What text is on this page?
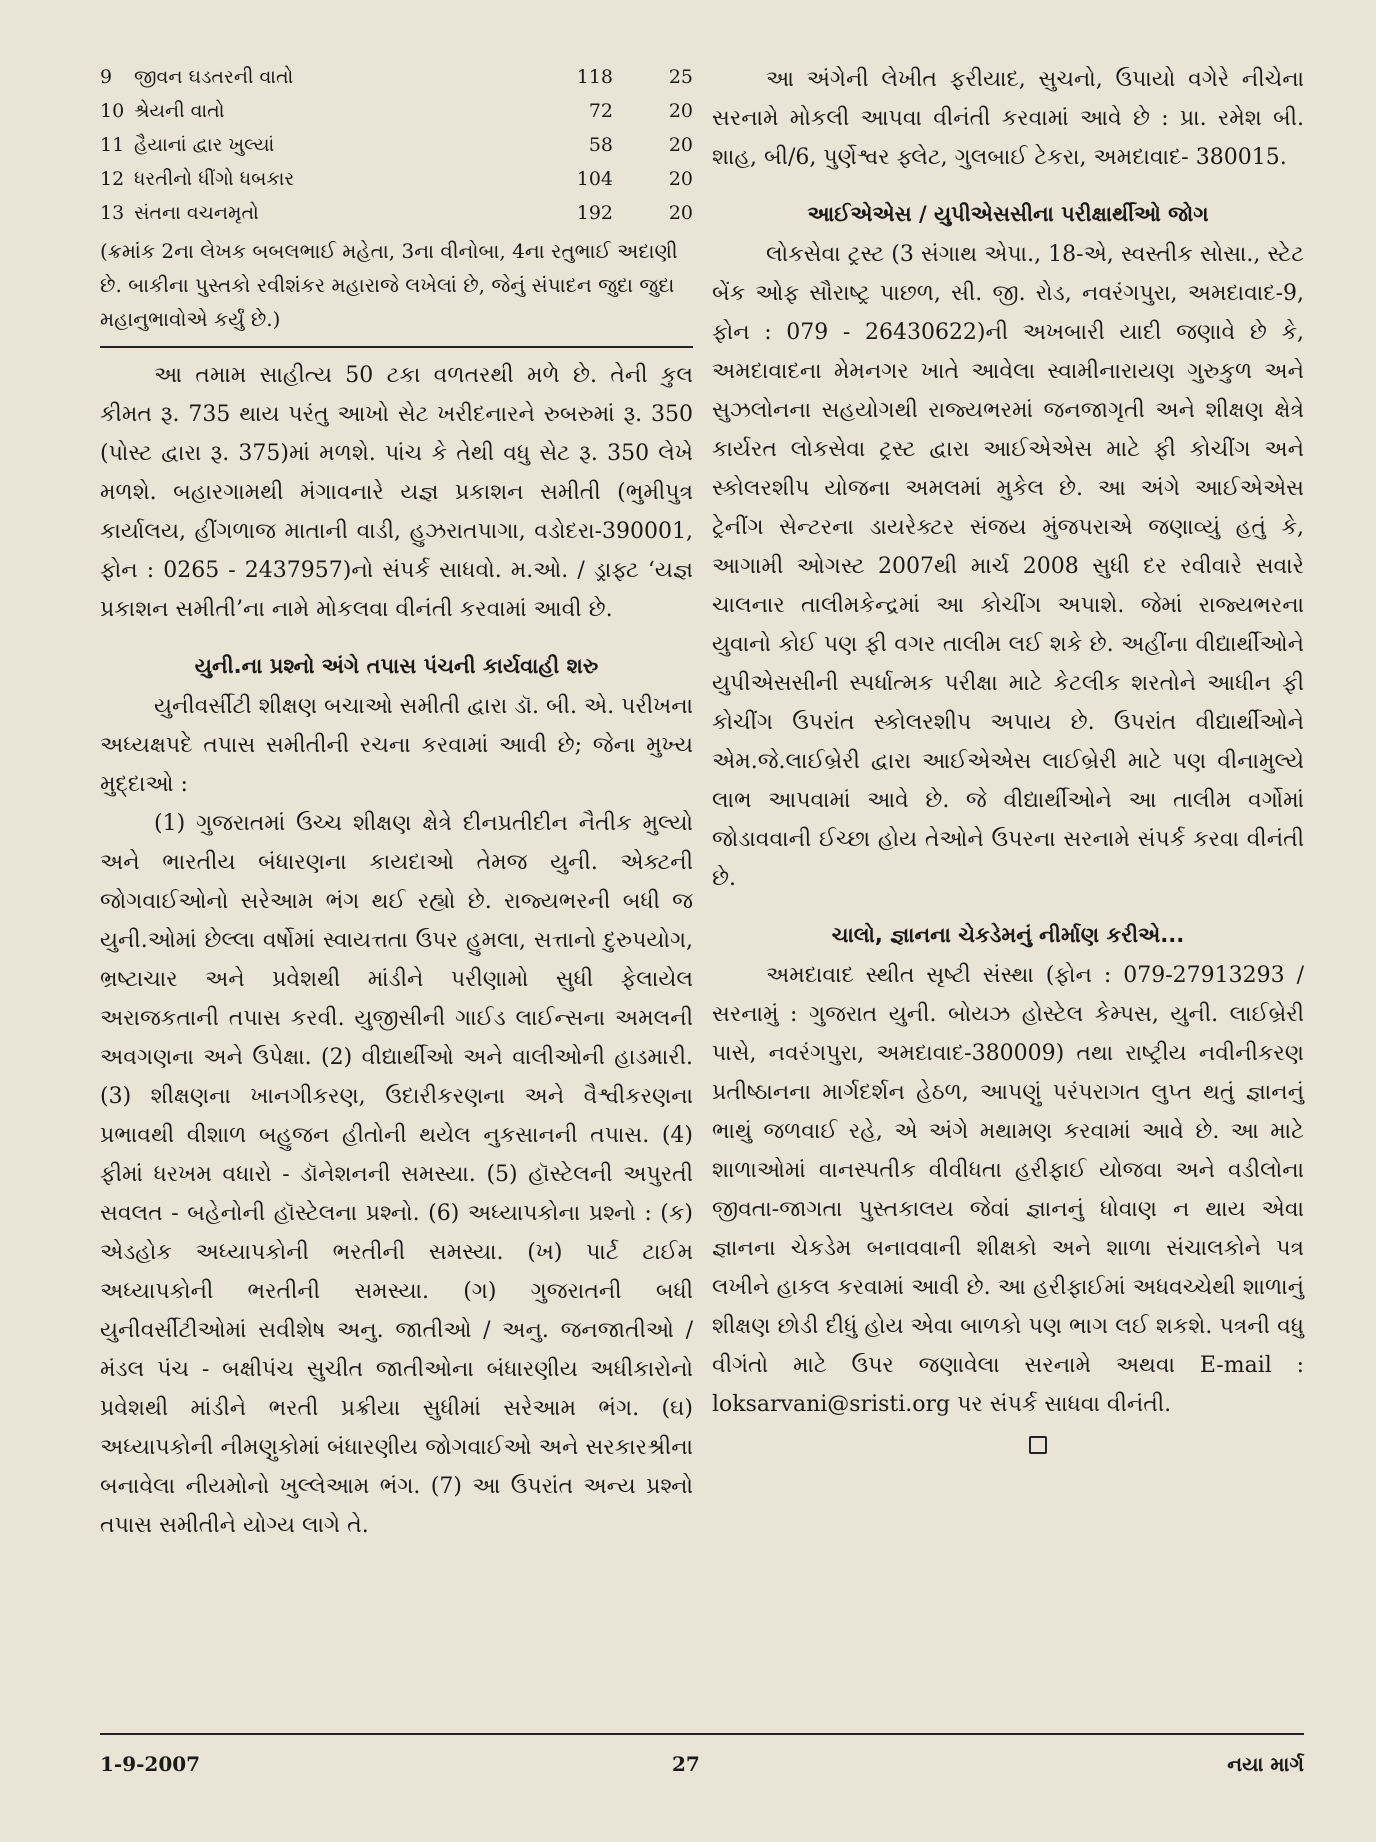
9	જીવન ઘડતરની વાતો	118	25
10	શ્રેયની વાતો	72	20
11	હૈયાનાં દ્વાર ખુલ્યાં	58	20
12	ધરતીનો ધીંગો ધબકાર	104	20
13	સંતના વચનમૃતો	192	20
(ક્રમાંક 2ના લેખક બબલભાઈ મહેતા, 3ના વીનોબા, 4ના રતુભાઈ અદાણી છે. બાકીના પુસ્તકો રવીશંકર મહારાજે લખેલાં છે, જેનું સંપાદન જુદા જુદા મહાનુભાવોએ કર્યું છે.)

આ તમામ સાહીત્ય 50 ટકા વળતરથી મળે છે. તેની કુલ કીમત રૂ. 735 થાય પરંતુ આખો સેટ ખરીદનારને રુબરુમાં રૂ. 350 (પોસ્ટ દ્વારા રૂ. 375)માં મળશે. પાંચ કે તેથી વધુ સેટ રૂ. 350 લેખે મળશે. બહારગામથી મંગાવનારે યજ્ઞ પ્રકાશન સમીતી (ભુમીપુત્ર કાર્યાલય, હીંગળાજ માતાની વાડી, હુઝરાતપાગા, વડોદરા-390001, ફોન : 0265 - 2437957)નો સંપર્ક સાધવો. મ.ઓ. / ડ્રાફ્ટ ‘યજ્ઞ પ્રકાશન સમીતી’ના નામે મોકલવા વીનંતી કરવામાં આવી છે.

યુની.ના પ્રશ્નો અંગે તપાસ પંચની કાર્યવાહી શરુ

યુનીવર્સીટી શીક્ષણ બચાઓ સમીતી દ્વારા ડૉ. બી. એ. પરીખના અધ્યક્ષપદે તપાસ સમીતીની રચના કરવામાં આવી છે; જેના મુખ્ય મુદ્દાઓ :

(1) ગુજરાતમાં ઉચ્ચ શીક્ષણ ક્ષેત્રે દીનપ્રતીદીન નૈતીક મુલ્યો અને ભારતીય બંધારણના કાયદાઓ તેમજ યુની. એક્ટની જોગવાઈઓનો સરેઆમ ભંગ થઈ રહ્યો છે. રાજ્યભરની બધી જ યુની.ઓમાં છેલ્લા વર્ષોમાં સ્વાયત્તતા ઉપર હુમલા, સત્તાનો દુરુપયોગ, ભ્રષ્ટાચાર અને પ્રવેશથી માંડીને પરીણામો સુધી ફેલાયેલ અરાજકતાની તપાસ કરવી. યુજીસીની ગાઈડ લાઈન્સના અમલની અવગણના અને ઉપેક્ષા. (2) વીદ્યાર્થીઓ અને વાલીઓની હાડમારી. (3) શીક્ષણના ખાનગીકરણ, ઉદારીકરણના અને વૈશ્વીકરણના પ્રભાવથી વીશાળ બહુજન હીતોની થયેલ નુકસાનની તપાસ. (4) ફીમાં ધરખમ વધારો - ડૉનેશનની સમસ્યા. (5) હૉસ્ટેલની અપુરતી સવલત - બહેનોની હૉસ્ટેલના પ્રશ્નો. (6) અધ્યાપકોના પ્રશ્નો : (ક) એડહોક અધ્યાપકોની ભરતીની સમસ્યા. (ખ) પાર્ટ ટાઈમ અધ્યાપકોની ભરતીની સમસ્યા. (ગ) ગુજરાતની બધી યુનીવર્સીટીઓમાં સવીશેષ અનુ. જાતીઓ / અનુ. જનજાતીઓ / મંડલ પંચ - બક્ષીપંચ સુચીત જાતીઓના બંધારણીય અધીકારોનો પ્રવેશથી માંડીને ભરતી પ્રક્રીયા સુધીમાં સરેઆમ ભંગ. (ઘ) અધ્યાપકોની નીમણુકોમાં બંધારણીય જોગવાઈઓ અને સરકારશ્રીના બનાવેલા નીયમોનો ખુલ્લેઆમ ભંગ. (7) આ ઉપરાંત અન્ય પ્રશ્નો તપાસ સમીતીને યોગ્ય લાગે તે.

આ અંગેની લેખીત ફરીયાદ, સુચનો, ઉપાયો વગેરે નીચેના સરનામે મોકલી આપવા વીનંતી કરવામાં આવે છે : પ્રા. રમેશ બી. શાહ, બી/6, પુર્ણેશ્વર ફ્લેટ, ગુલબાઈ ટેકરા, અમદાવાદ- 380015.

આઈએએસ / યુપીએસસીના પરીક્ષાર્થીઓ જોગ

લોકસેવા ટ્રસ્ટ (3 સંગાથ એપા., 18-એ, સ્વસ્તીક સોસા., સ્ટેટ બેંક ઓફ સૌરાષ્ટ્ર પાછળ, સી. જી. રોડ, નવરંગપુરા, અમદાવાદ-9, ફોન : 079 - 26430622)ની અખબારી યાદી જણાવે છે કે, અમદાવાદના મેમનગર ખાતે આવેલા સ્વામીનારાયણ ગુરુકુળ અને સુઝલોનના સહયોગથી રાજ્યભરમાં જનજાગૃતી અને શીક્ષણ ક્ષેત્રે કાર્યરત લોકસેવા ટ્રસ્ટ દ્વારા આઈએએસ માટે ફી કોચીંગ અને સ્કોલરશીપ યોજના અમલમાં મુકેલ છે. આ અંગે આઈએએસ ટ્રેનીંગ સેન્ટરના ડાયરેક્ટર સંજય મુંજપરાએ જણાવ્યું હતું કે, આગામી ઓગસ્ટ 2007થી માર્ચ 2008 સુધી દર રવીવારે સવારે ચાલનાર તાલીમકેન્દ્રમાં આ કોચીંગ અપાશે. જેમાં રાજ્યભરના યુવાનો કોઈ પણ ફી વગર તાલીમ લઈ શકે છે. અહીંના વીદ્યાર્થીઓને યુપીએસસીની સ્પર્ધાત્મક પરીક્ષા માટે કેટલીક શરતોને આધીન ફી કોચીંગ ઉપરાંત સ્કોલરશીપ અપાય છે. ઉપરાંત વીદ્યાર્થીઓને એમ.જે.લાઈબ્રેરી દ્વારા આઈએએસ લાઈબ્રેરી માટે પણ વીનામુલ્યે લાભ આપવામાં આવે છે. જે વીદ્યાર્થીઓને આ તાલીમ વર્ગોમાં જોડાવવાની ઈચ્છા હોય તેઓને ઉપરના સરનામે સંપર્ક કરવા વીનંતી છે.

ચાલો, જ્ઞાનના ચેકડેમનું નીર્માણ કરીએ...

અમદાવાદ સ્થીત સૃષ્ટી સંસ્થા (ફોન : 079-27913293 / સરનામું : ગુજરાત યુની. બોયઝ હોસ્ટેલ કેમ્પસ, યુની. લાઈબ્રેરી પાસે, નવરંગપુરા, અમદાવાદ-380009) તથા રાષ્ટ્રીય નવીનીકરણ પ્રતીષ્ઠાનના માર્ગદર્શન હેઠળ, આપણું પરંપરાગત લુપ્ત થતું જ્ઞાનનું ભાથું જળવાઈ રહે, એ અંગે મથામણ કરવામાં આવે છે. આ માટે શાળાઓમાં વાનસ્પતીક વીવીધતા હરીફાઈ યોજવા અને વડીલોના જીવતા-જાગતા પુસ્તકાલય જેવાં જ્ઞાનનું ધોવાણ ન થાય એવા જ્ઞાનના ચેકડેમ બનાવવાની શીક્ષકો અને શાળા સંચાલકોને પત્ર લખીને હાકલ કરવામાં આવી છે. આ હરીફાઈમાં અધવચ્ચેથી શાળાનું શીક્ષણ છોડી દીધું હોય એવા બાળકો પણ ભાગ લઈ શકશે. પત્રની વધુ વીગંતો માટે ઉપર જણાવેલા સરનામે અથવા E-mail : loksarvani@sristi.org પર સંપર્ક સાધવા વીનંતી.

1-9-2007	27	નયા માર્ગ
